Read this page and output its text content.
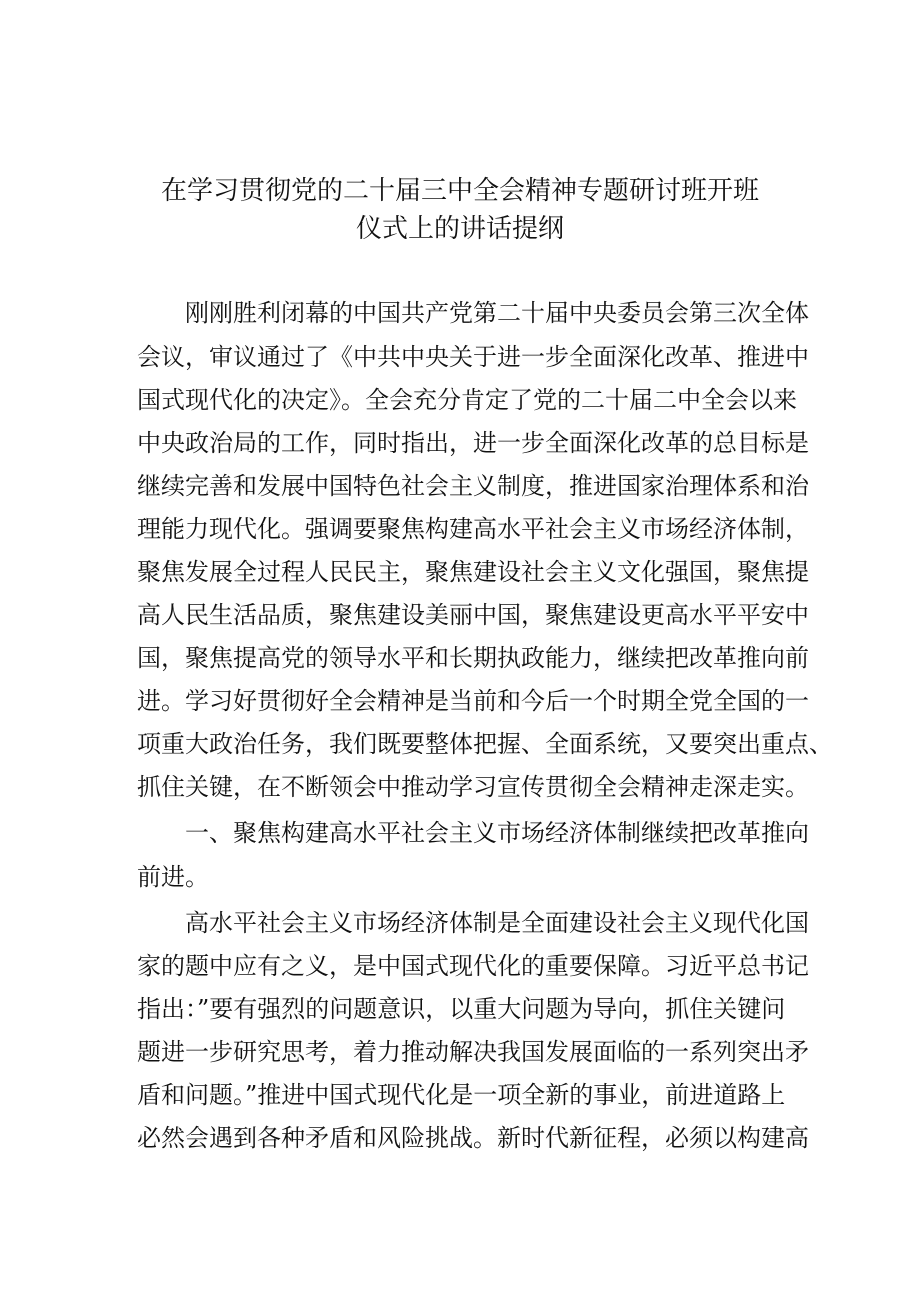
在学习贯彻党的二十届三中全会精神专题研讨班开班
仪式上的讲话提纲

刚刚胜利闭幕的中国共产党第二十届中央委员会第三次全体

会议，审议通过了《中共中央关于进一步全面深化改革、推进中

国式现代化的决定》。全会充分肯定了党的二十届二中全会以来

中央政治局的工作，同时指出，进一步全面深化改革的总目标是

继续完善和发展中国特色社会主义制度，推进国家治理体系和治

理能力现代化。强调要聚焦构建高水平社会主义市场经济体制，

聚焦发展全过程人民民主，聚焦建设社会主义文化强国，聚焦提

高人民生活品质，聚焦建设美丽中国，聚焦建设更高水平平安中

国，聚焦提高党的领导水平和长期执政能力，继续把改革推向前

进。学习好贯彻好全会精神是当前和今后一个时期全党全国的一

项重大政治任务，我们既要整体把握、全面系统，又要突出重点、

抓住关键，在不断领会中推动学习宣传贯彻全会精神走深走实。

一、聚焦构建高水平社会主义市场经济体制继续把改革推向

前进。

高水平社会主义市场经济体制是全面建设社会主义现代化国

家的题中应有之义，是中国式现代化的重要保障。习近平总书记

指出：”要有强烈的问题意识，以重大问题为导向，抓住关键问

题进一步研究思考，着力推动解决我国发展面临的一系列突出矛

盾和问题。”推进中国式现代化是一项全新的事业，前进道路上

必然会遇到各种矛盾和风险挑战。新时代新征程，必须以构建高
